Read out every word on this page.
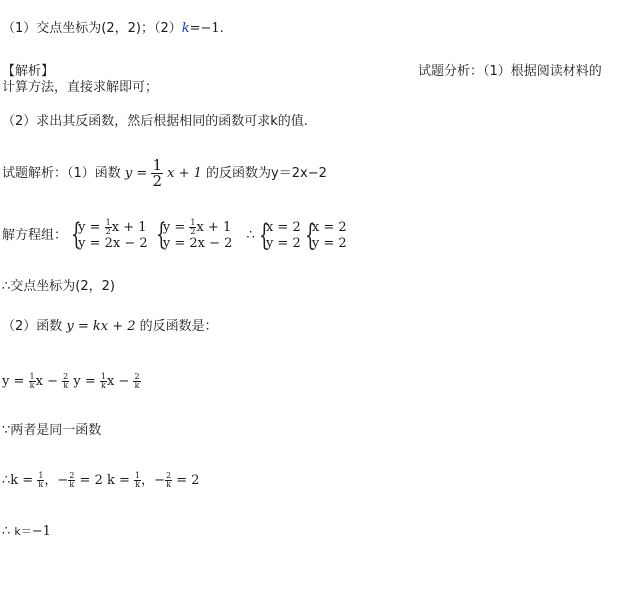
（1）交点坐标为(2，2)；（2）k=−1.
【解析】	试题分析：（1）根据阅读材料的
计算方法，直接求解即可；
（2）求出其反函数，然后根据相同的函数可求k的值.
试题解析：（1）函数 $y = \frac{1}{2}$ x + 1 的反函数为y＝2x−2
解方程组： {
$y = \frac{1}{2}$ x + 1
y = 2x − 2
{
$y = \frac{1}{2}$ x + 1
y = 2x − 2
∴ {
x = 2
y = 2
{
x = 2
y = 2
∴交点坐标为(2，2)
（2）函数 y = kx + 2 的反函数是：
$y = \frac{1}{k}$ $x - \frac{2}{k}$ $y = \frac{1}{k}$ $x - \frac{2}{k}$
∵两者是同一函数
∴k = $\frac{1}{k}$ ，− $\frac{2}{k} = 2$ $k = \frac{1}{k}$ ，− $\frac{2}{k} = 2$
∴ k＝−1
